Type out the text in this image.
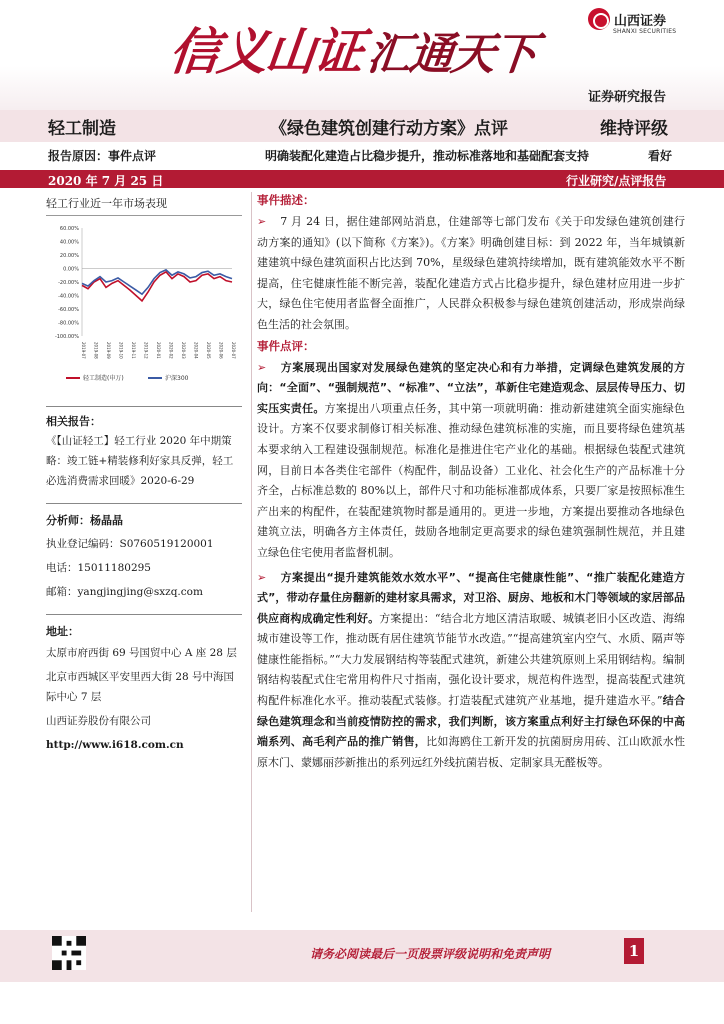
信义山证汇通天下
山西证券
SHANXI SECURITIES
证券研究报告
轻工制造	《绿色建筑创建行动方案》点评	维持评级
报告原因：事件点评	明确装配化建造占比稳步提升，推动标准落地和基础配套支持	看好
2020 年 7 月 25 日	行业研究/点评报告
轻工行业近一年市场表现
60.00%
40.00%
20.00%
0.00%
-20.00%
-40.00%
-60.00%
-80.00%
-100.00%
2019-07 2019-08 2019-09 2019-10 2019-11 2019-12 2020-01 2020-02 2020-03 2020-04 2020-05 2020-06 2020-07
轻工制造(申万)	沪深300
相关报告：
《【山证轻工】轻工行业 2020 年中期策略：竣工链+精装修利好家具反弹，轻工必选消费需求回暖》2020-6-29
分析师：杨晶晶
执业登记编码：S0760519120001
电话：15011180295
邮箱：yangjingjing@sxzq.com
地址：
太原市府西街 69 号国贸中心 A 座 28 层
北京市西城区平安里西大街 28 号中海国际中心 7 层
山西证券股份有限公司
http://www.i618.com.cn
事件描述：
➢ 7 月 24 日，据住建部网站消息，住建部等七部门发布《关于印发绿色建筑创建行动方案的通知》(以下简称《方案》)。《方案》明确创建目标：到 2022 年，当年城镇新建建筑中绿色建筑面积占比达到 70%，星级绿色建筑持续增加，既有建筑能效水平不断提高，住宅健康性能不断完善，装配化建造方式占比稳步提升，绿色建材应用进一步扩大，绿色住宅使用者监督全面推广，人民群众积极参与绿色建筑创建活动，形成崇尚绿色生活的社会氛围。
事件点评：
➢ 方案展现出国家对发展绿色建筑的坚定决心和有力举措，定调绿色建筑发展的方向：“全面”、“强制规范”、“标准”、“立法”，革新住宅建造观念、层层传导压力、切实压实责任。方案提出八项重点任务，其中第一项就明确：推动新建建筑全面实施绿色设计。方案不仅要求制修订相关标准、推动绿色建筑标准的实施，而且要将绿色建筑基本要求纳入工程建设强制规范。标准化是推进住宅产业化的基础。根据绿色装配式建筑网，目前日本各类住宅部件（构配件，制品设备）工业化、社会化生产的产品标准十分齐全，占标准总数的 80%以上，部件尺寸和功能标准都成体系，只要厂家是按照标准生产出来的构配件，在装配建筑物时都是通用的。更进一步地，方案提出要推动各地绿色建筑立法，明确各方主体责任，鼓励各地制定更高要求的绿色建筑强制性规范，并且建立绿色住宅使用者监督机制。
➢ 方案提出“提升建筑能效水效水平”、“提高住宅健康性能”、“推广装配化建造方式”，带动存量住房翻新的建材家具需求，对卫浴、厨房、地板和木门等领域的家居部品供应商构成确定性利好。方案提出：“结合北方地区清洁取暖、城镇老旧小区改造、海绵城市建设等工作，推动既有居住建筑节能节水改造。”“提高建筑室内空气、水质、隔声等健康性能指标。”“大力发展钢结构等装配式建筑，新建公共建筑原则上采用钢结构。编制钢结构装配式住宅常用构件尺寸指南，强化设计要求，规范构件选型，提高装配式建筑构配件标准化水平。推动装配式装修。打造装配式建筑产业基地，提升建造水平。”结合绿色建筑理念和当前疫情防控的需求，我们判断，该方案重点利好主打绿色环保的中高端系列、高毛利产品的推广销售，比如海鸥住工新开发的抗菌厨房用砖、江山欧派水性原木门、蒙娜丽莎新推出的系列远红外线抗菌岩板、定制家具无醛板等。
请务必阅读最后一页股票评级说明和免责声明	1
